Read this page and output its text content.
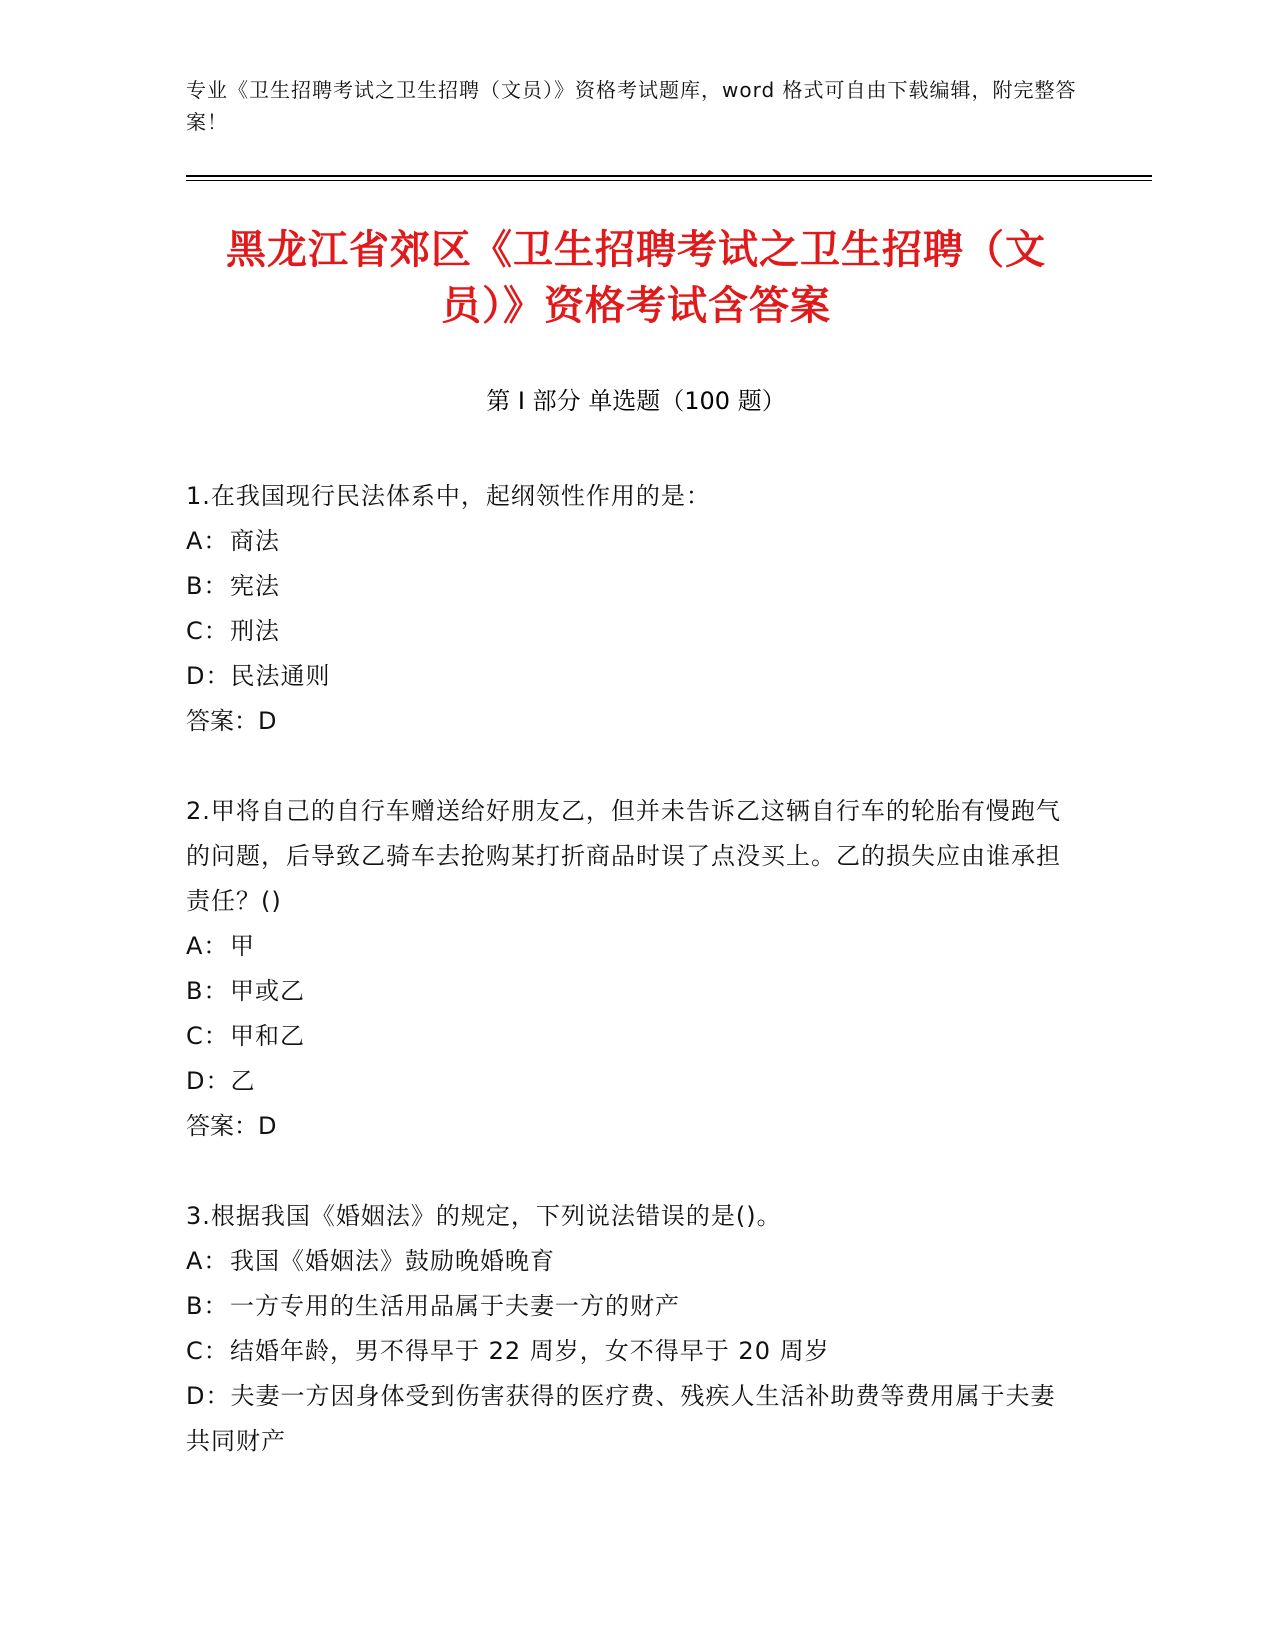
专业《卫生招聘考试之卫生招聘（文员）》资格考试题库，word 格式可自由下载编辑，附完整答案！
黑龙江省郊区《卫生招聘考试之卫生招聘（文员）》资格考试含答案
第 I 部分 单选题（100 题）

1.在我国现行民法体系中，起纲领性作用的是：

A：商法

B：宪法

C：刑法

D：民法通则

答案：D

2.甲将自己的自行车赠送给好朋友乙，但并未告诉乙这辆自行车的轮胎有慢跑气的问题，后导致乙骑车去抢购某打折商品时误了点没买上。乙的损失应由谁承担责任？()

A：甲

B：甲或乙

C：甲和乙

D：乙

答案：D

3.根据我国《婚姻法》的规定，下列说法错误的是()。

A：我国《婚姻法》鼓励晚婚晚育

B：一方专用的生活用品属于夫妻一方的财产

C：结婚年龄，男不得早于 22 周岁，女不得早于 20 周岁

D：夫妻一方因身体受到伤害获得的医疗费、残疾人生活补助费等费用属于夫妻共同财产
